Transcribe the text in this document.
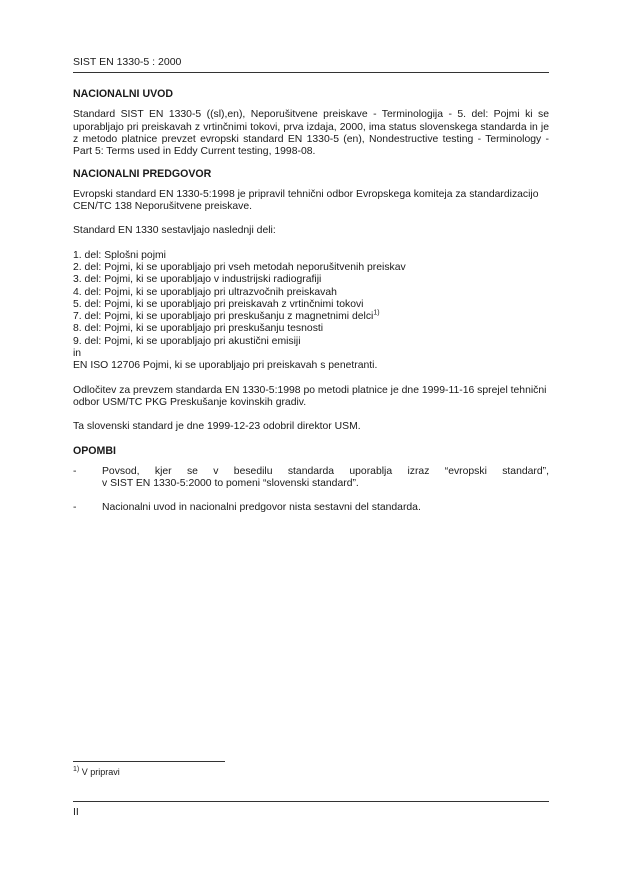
SIST EN 1330-5 : 2000
NACIONALNI UVOD

Standard SIST EN 1330-5 ((sl),en), Neporušitvene preiskave - Terminologija - 5. del: Pojmi ki se uporabljajo pri preiskavah z vrtinčnimi tokovi, prva izdaja, 2000, ima status slovenskega standarda in je z metodo platnice prevzet evropski standard EN 1330-5 (en), Nondestructive testing - Terminology - Part 5: Terms used in Eddy Current testing, 1998-08.

NACIONALNI PREDGOVOR

Evropski standard EN 1330-5:1998 je pripravil tehnični odbor Evropskega komiteja za standardizacijo CEN/TC 138 Neporušitvene preiskave.

Standard EN 1330 sestavljajo naslednji deli:

1. del: Splošni pojmi
2. del: Pojmi, ki se uporabljajo pri vseh metodah neporušitvenih preiskav
3. del: Pojmi, ki se uporabljajo v industrijski radiografiji
4. del: Pojmi, ki se uporabljajo pri ultrazvočnih preiskavah
5. del: Pojmi, ki se uporabljajo pri preiskavah z vrtinčnimi tokovi
7. del: Pojmi, ki se uporabljajo pri preskušanju z magnetnimi delci$^{1)}$
8. del: Pojmi, ki se uporabljajo pri preskušanju tesnosti
9. del: Pojmi, ki se uporabljajo pri akustični emisiji
in
EN ISO 12706 Pojmi, ki se uporabljajo pri preiskavah s penetranti.

Odločitev za prevzem standarda EN 1330-5:1998 po metodi platnice je dne 1999-11-16 sprejel tehnični odbor USM/TC PKG Preskušanje kovinskih gradiv.

Ta slovenski standard je dne 1999-12-23 odobril direktor USM.

OPOMBI
- Povsod, kjer se v besedilu standarda uporablja izraz “evropski standard”,
v SIST EN 1330-5:2000 to pomeni “slovenski standard”.
- Nacionalni uvod in nacionalni predgovor nista sestavni del standarda.
$^{1)}$ V pripravi
II
